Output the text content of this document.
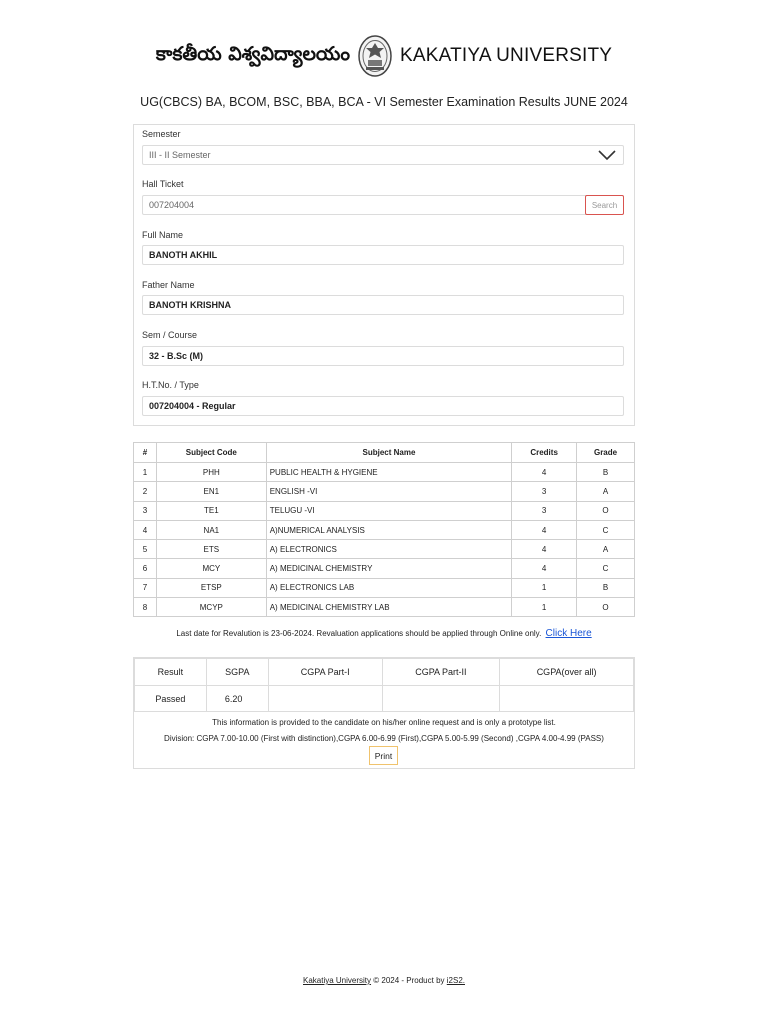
కాకతీయ విశ్వవిద్యాలయం	KAKATIYA UNIVERSITY
UG(CBCS) BA, BCOM, BSC, BBA, BCA - VI Semester Examination Results JUNE 2024
Semester
III - II Semester
Hall Ticket
007204004	Search
Full Name
BANOTH AKHIL
Father Name
BANOTH KRISHNA
Sem / Course
32 - B.Sc (M)
H.T.No. / Type
007204004 - Regular
#	Subject Code	Subject Name	Credits	Grade
1	PHH	PUBLIC HEALTH & HYGIENE	4	B
2	EN1	ENGLISH -VI	3	A
3	TE1	TELUGU -VI	3	O
4	NA1	A)NUMERICAL ANALYSIS	4	C
5	ETS	A) ELECTRONICS	4	A
6	MCY	A) MEDICINAL CHEMISTRY	4	C
7	ETSP	A) ELECTRONICS LAB	1	B
8	MCYP	A) MEDICINAL CHEMISTRY LAB	1	O
Last date for Revalution is 23-06-2024. Revaluation applications should be applied through Online only. Click Here
Result	SGPA	CGPA Part-I	CGPA Part-II	CGPA(over all)
Passed	6.20			
This information is provided to the candidate on his/her online request and is only a prototype list.
Division: CGPA 7.00-10.00 (First with distinction),CGPA 6.00-6.99 (First),CGPA 5.00-5.99 (Second) ,CGPA 4.00-4.99 (PASS)
Print
Kakatiya University © 2024 - Product by i2S2.
